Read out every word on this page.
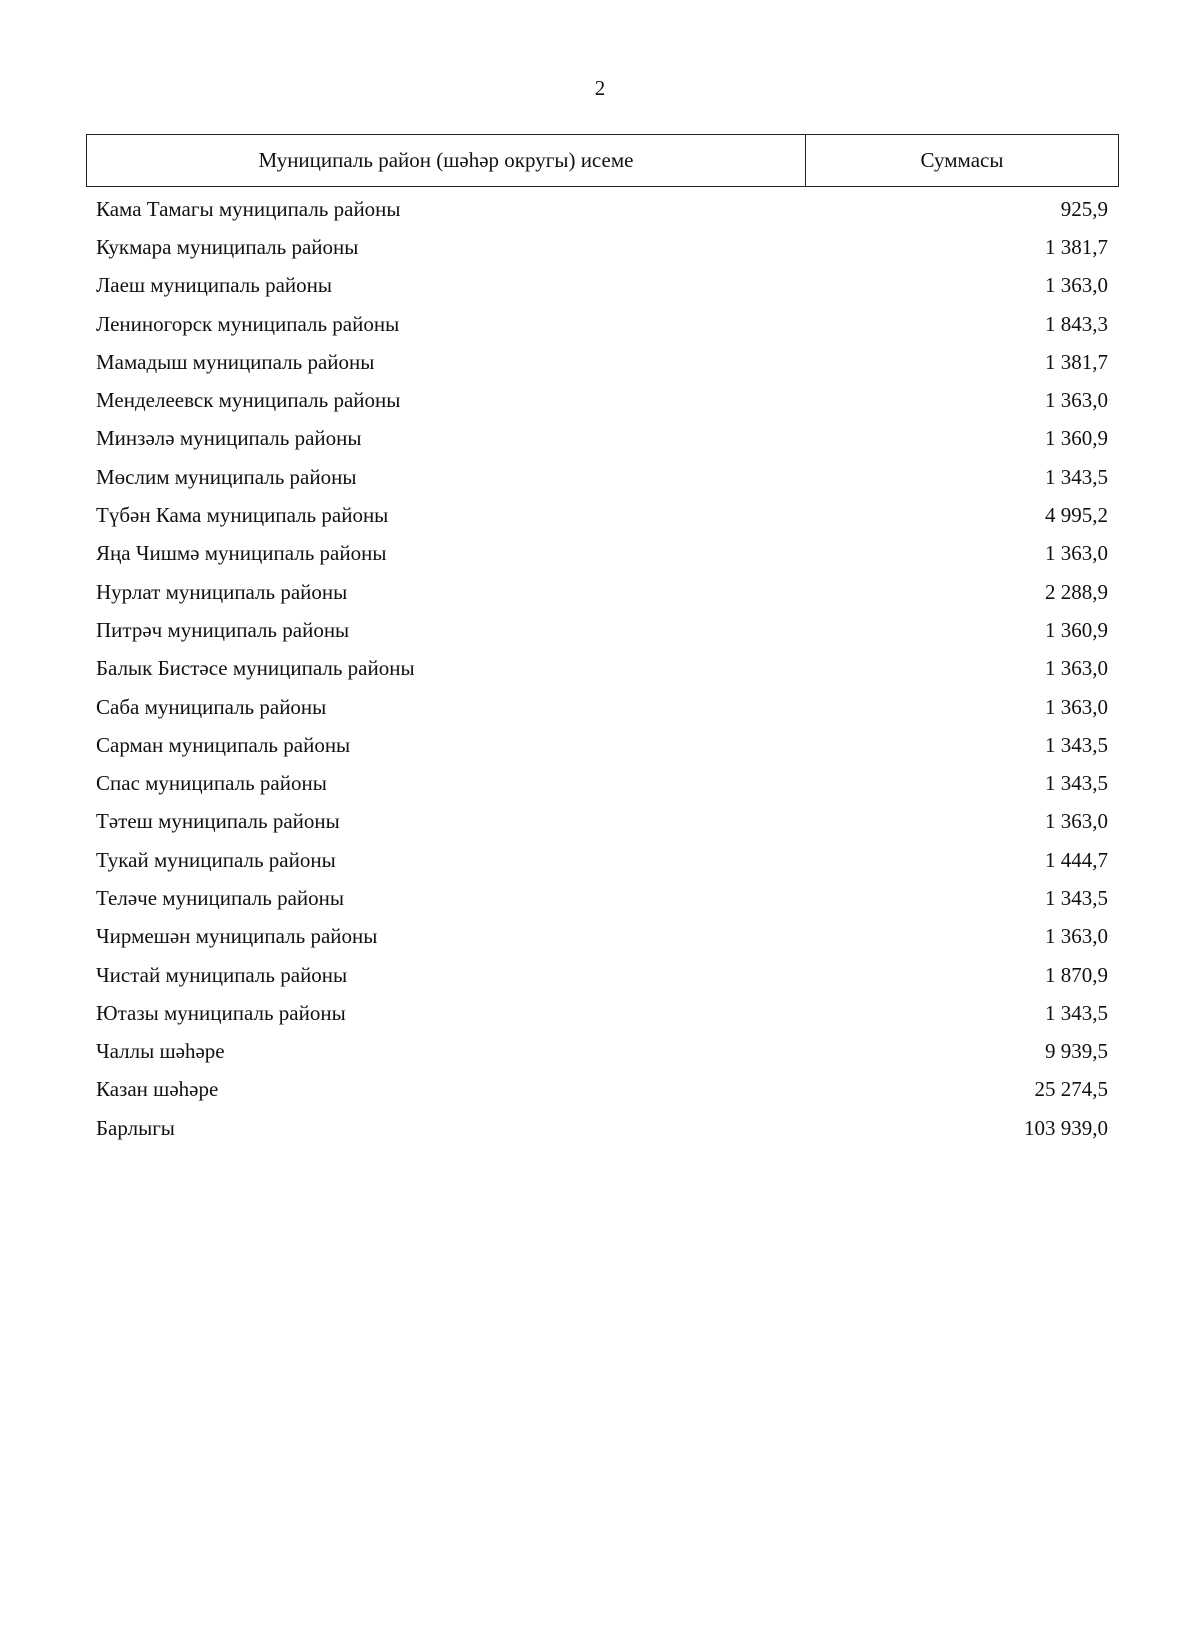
2
Муниципаль район (шәһәр округы) исеме	Суммасы
Кама Тамагы муниципаль районы	925,9
Кукмара муниципаль районы	1 381,7
Лаеш муниципаль районы	1 363,0
Лениногорск муниципаль районы	1 843,3
Мамадыш муниципаль районы	1 381,7
Менделеевск муниципаль районы	1 363,0
Минзәлә муниципаль районы	1 360,9
Мөслим муниципаль районы	1 343,5
Түбән Кама муниципаль районы	4 995,2
Яңа Чишмә муниципаль районы	1 363,0
Нурлат муниципаль районы	2 288,9
Питрәч муниципаль районы	1 360,9
Балык Бистәсе муниципаль районы	1 363,0
Саба муниципаль районы	1 363,0
Сарман муниципаль районы	1 343,5
Спас муниципаль районы	1 343,5
Тәтеш муниципаль районы	1 363,0
Тукай муниципаль районы	1 444,7
Теләче муниципаль районы	1 343,5
Чирмешән муниципаль районы	1 363,0
Чистай муниципаль районы	1 870,9
Ютазы муниципаль районы	1 343,5
Чаллы шәһәре	9 939,5
Казан шәһәре	25 274,5
Барлыгы	103 939,0
